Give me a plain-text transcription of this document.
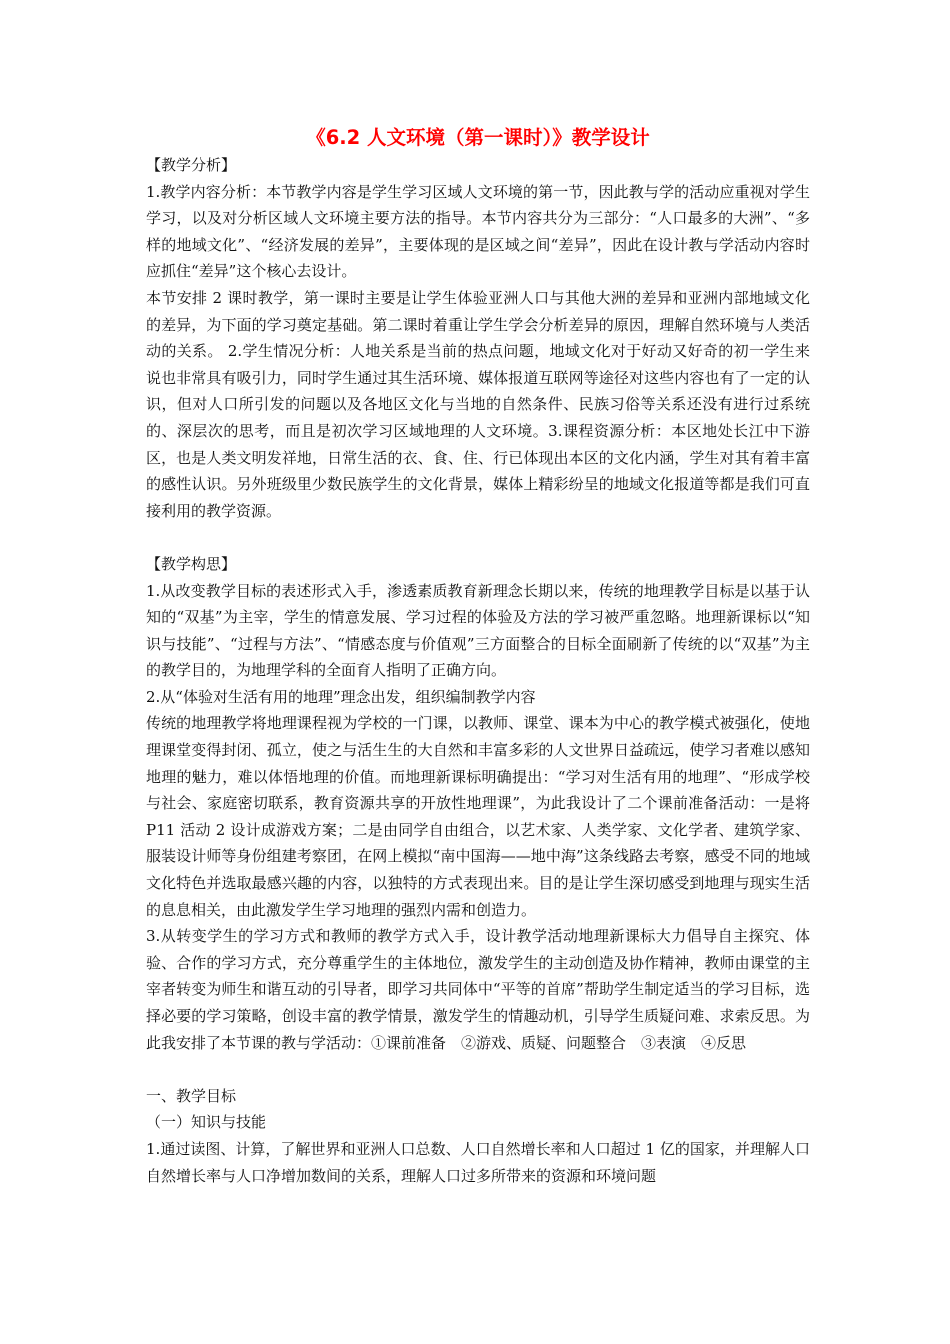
《6.2 人文环境（第一课时）》教学设计

【教学分析】

1.教学内容分析：本节教学内容是学生学习区域人文环境的第一节，因此教与学的活动应重视对学生学习，以及对分析区域人文环境主要方法的指导。本节内容共分为三部分：“人口最多的大洲”、“多样的地域文化”、“经济发展的差异”，主要体现的是区域之间“差异”，因此在设计教与学活动内容时应抓住“差异”这个核心去设计。

本节安排 2 课时教学，第一课时主要是让学生体验亚洲人口与其他大洲的差异和亚洲内部地域文化的差异，为下面的学习奠定基础。第二课时着重让学生学会分析差异的原因，理解自然环境与人类活动的关系。 2.学生情况分析：人地关系是当前的热点问题，地域文化对于好动又好奇的初一学生来说也非常具有吸引力，同时学生通过其生活环境、媒体报道互联网等途径对这些内容也有了一定的认识，但对人口所引发的问题以及各地区文化与当地的自然条件、民族习俗等关系还没有进行过系统的、深层次的思考，而且是初次学习区域地理的人文环境。3.课程资源分析：本区地处长江中下游区，也是人类文明发祥地，日常生活的衣、食、住、行已体现出本区的文化内涵，学生对其有着丰富的感性认识。另外班级里少数民族学生的文化背景，媒体上精彩纷呈的地域文化报道等都是我们可直接利用的教学资源。

【教学构思】

1.从改变教学目标的表述形式入手，渗透素质教育新理念长期以来，传统的地理教学目标是以基于认知的“双基”为主宰，学生的情意发展、学习过程的体验及方法的学习被严重忽略。地理新课标以“知识与技能”、“过程与方法”、“情感态度与价值观”三方面整合的目标全面刷新了传统的以“双基”为主的教学目的，为地理学科的全面育人指明了正确方向。

2.从“体验对生活有用的地理”理念出发，组织编制教学内容

传统的地理教学将地理课程视为学校的一门课，以教师、课堂、课本为中心的教学模式被强化，使地理课堂变得封闭、孤立，使之与活生生的大自然和丰富多彩的人文世界日益疏远，使学习者难以感知地理的魅力，难以体悟地理的价值。而地理新课标明确提出：“学习对生活有用的地理”、“形成学校与社会、家庭密切联系，教育资源共享的开放性地理课”，为此我设计了二个课前准备活动：一是将 P11 活动 2 设计成游戏方案；二是由同学自由组合，以艺术家、人类学家、文化学者、建筑学家、服装设计师等身份组建考察团，在网上模拟“南中国海——地中海”这条线路去考察，感受不同的地域文化特色并选取最感兴趣的内容，以独特的方式表现出来。目的是让学生深切感受到地理与现实生活的息息相关，由此激发学生学习地理的强烈内需和创造力。

3.从转变学生的学习方式和教师的教学方式入手，设计教学活动地理新课标大力倡导自主探究、体验、合作的学习方式，充分尊重学生的主体地位，激发学生的主动创造及协作精神，教师由课堂的主宰者转变为师生和谐互动的引导者，即学习共同体中“平等的首席”帮助学生制定适当的学习目标，选择必要的学习策略，创设丰富的教学情景，激发学生的情趣动机，引导学生质疑问难、求索反思。为此我安排了本节课的教与学活动：①课前准备　②游戏、质疑、问题整合　③表演　④反思

一、教学目标

（一）知识与技能

1.通过读图、计算，了解世界和亚洲人口总数、人口自然增长率和人口超过 1 亿的国家，并理解人口自然增长率与人口净增加数间的关系，理解人口过多所带来的资源和环境问题
